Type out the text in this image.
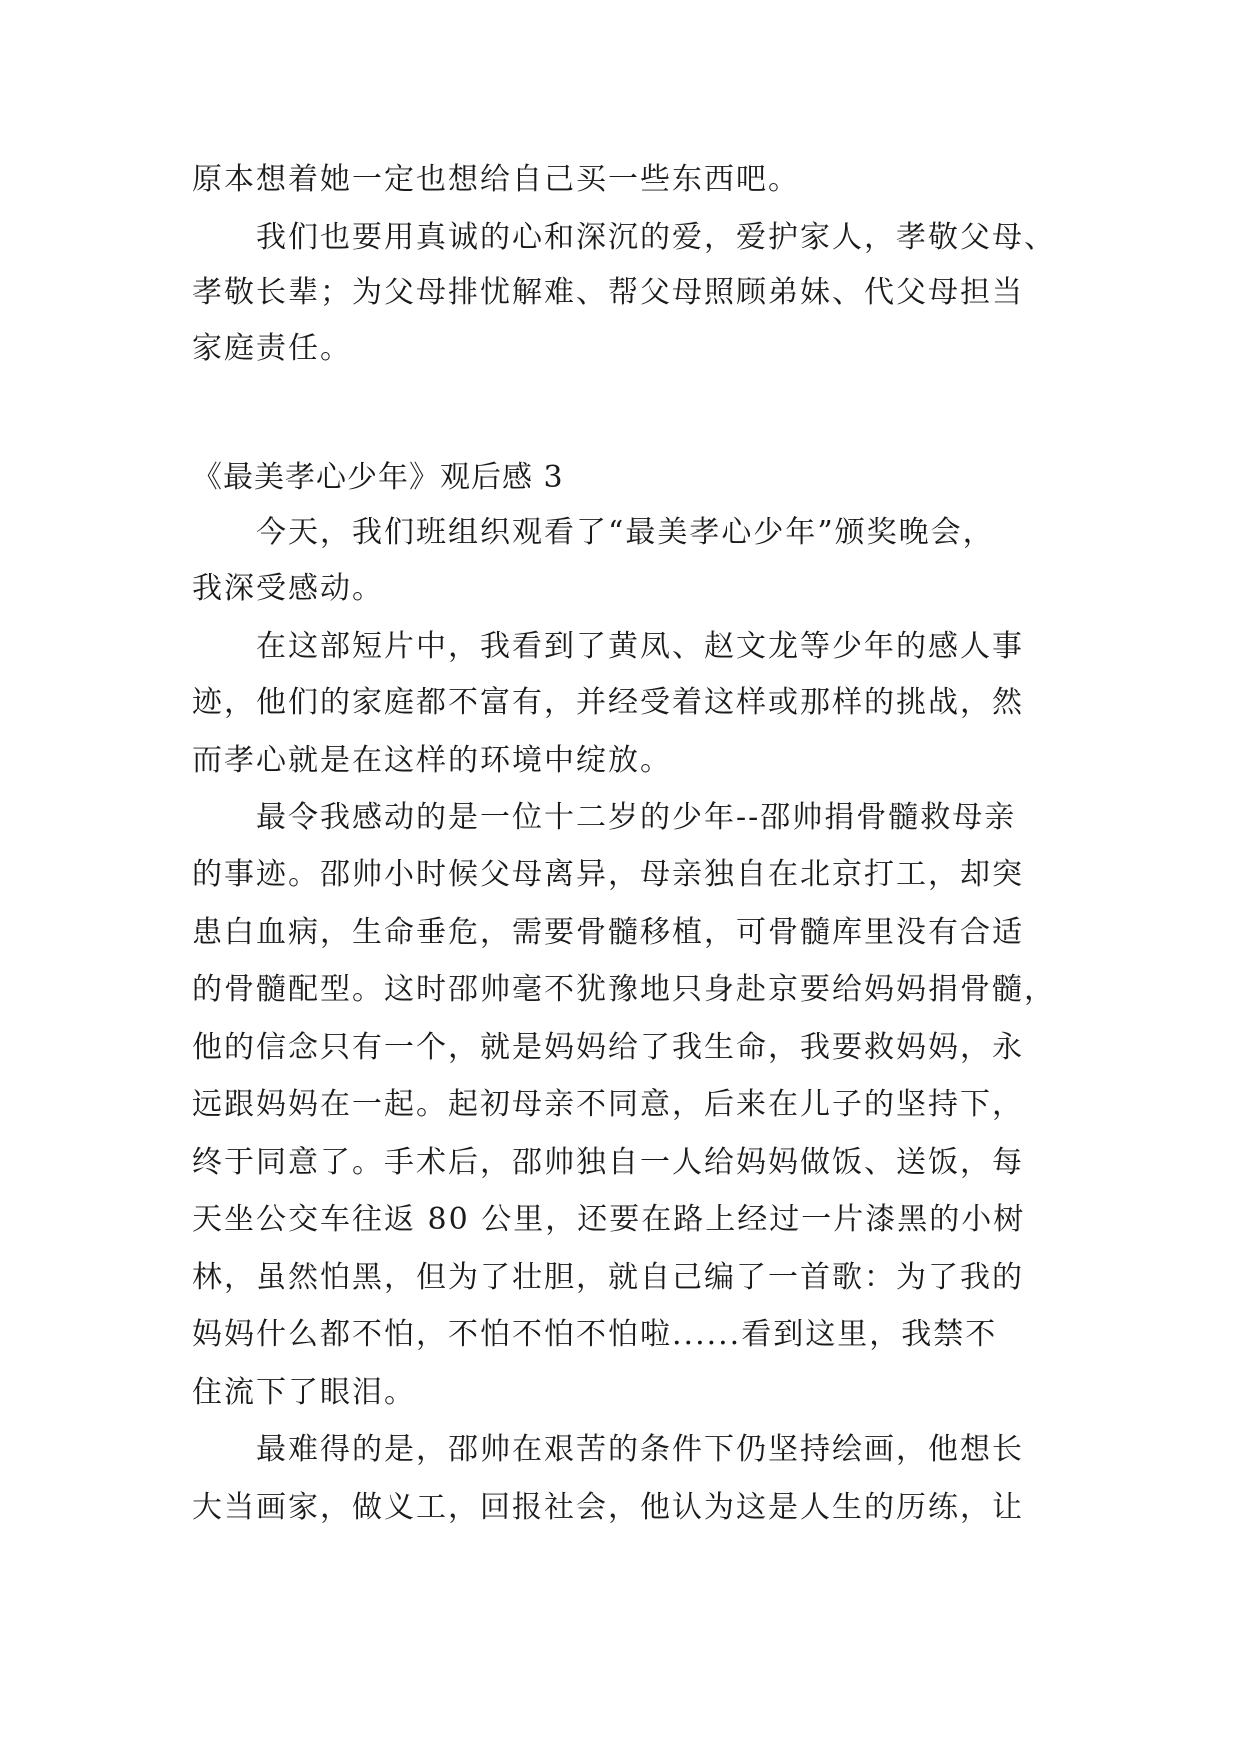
原本想着她一定也想给自己买一些东西吧。
我们也要用真诚的心和深沉的爱，爱护家人，孝敬父母、
孝敬长辈；为父母排忧解难、帮父母照顾弟妹、代父母担当
家庭责任。
《最美孝心少年》观后感 3
今天，我们班组织观看了“最美孝心少年”颁奖晚会，
我深受感动。
在这部短片中，我看到了黄凤、赵文龙等少年的感人事
迹，他们的家庭都不富有，并经受着这样或那样的挑战，然
而孝心就是在这样的环境中绽放。
最令我感动的是一位十二岁的少年--邵帅捐骨髓救母亲
的事迹。邵帅小时候父母离异，母亲独自在北京打工，却突
患白血病，生命垂危，需要骨髓移植，可骨髓库里没有合适
的骨髓配型。这时邵帅毫不犹豫地只身赴京要给妈妈捐骨髓，
他的信念只有一个，就是妈妈给了我生命，我要救妈妈，永
远跟妈妈在一起。起初母亲不同意，后来在儿子的坚持下，
终于同意了。手术后，邵帅独自一人给妈妈做饭、送饭，每
天坐公交车往返 80 公里，还要在路上经过一片漆黑的小树
林，虽然怕黑，但为了壮胆，就自己编了一首歌：为了我的
妈妈什么都不怕，不怕不怕不怕啦......看到这里，我禁不
住流下了眼泪。
最难得的是，邵帅在艰苦的条件下仍坚持绘画，他想长
大当画家，做义工，回报社会，他认为这是人生的历练，让
